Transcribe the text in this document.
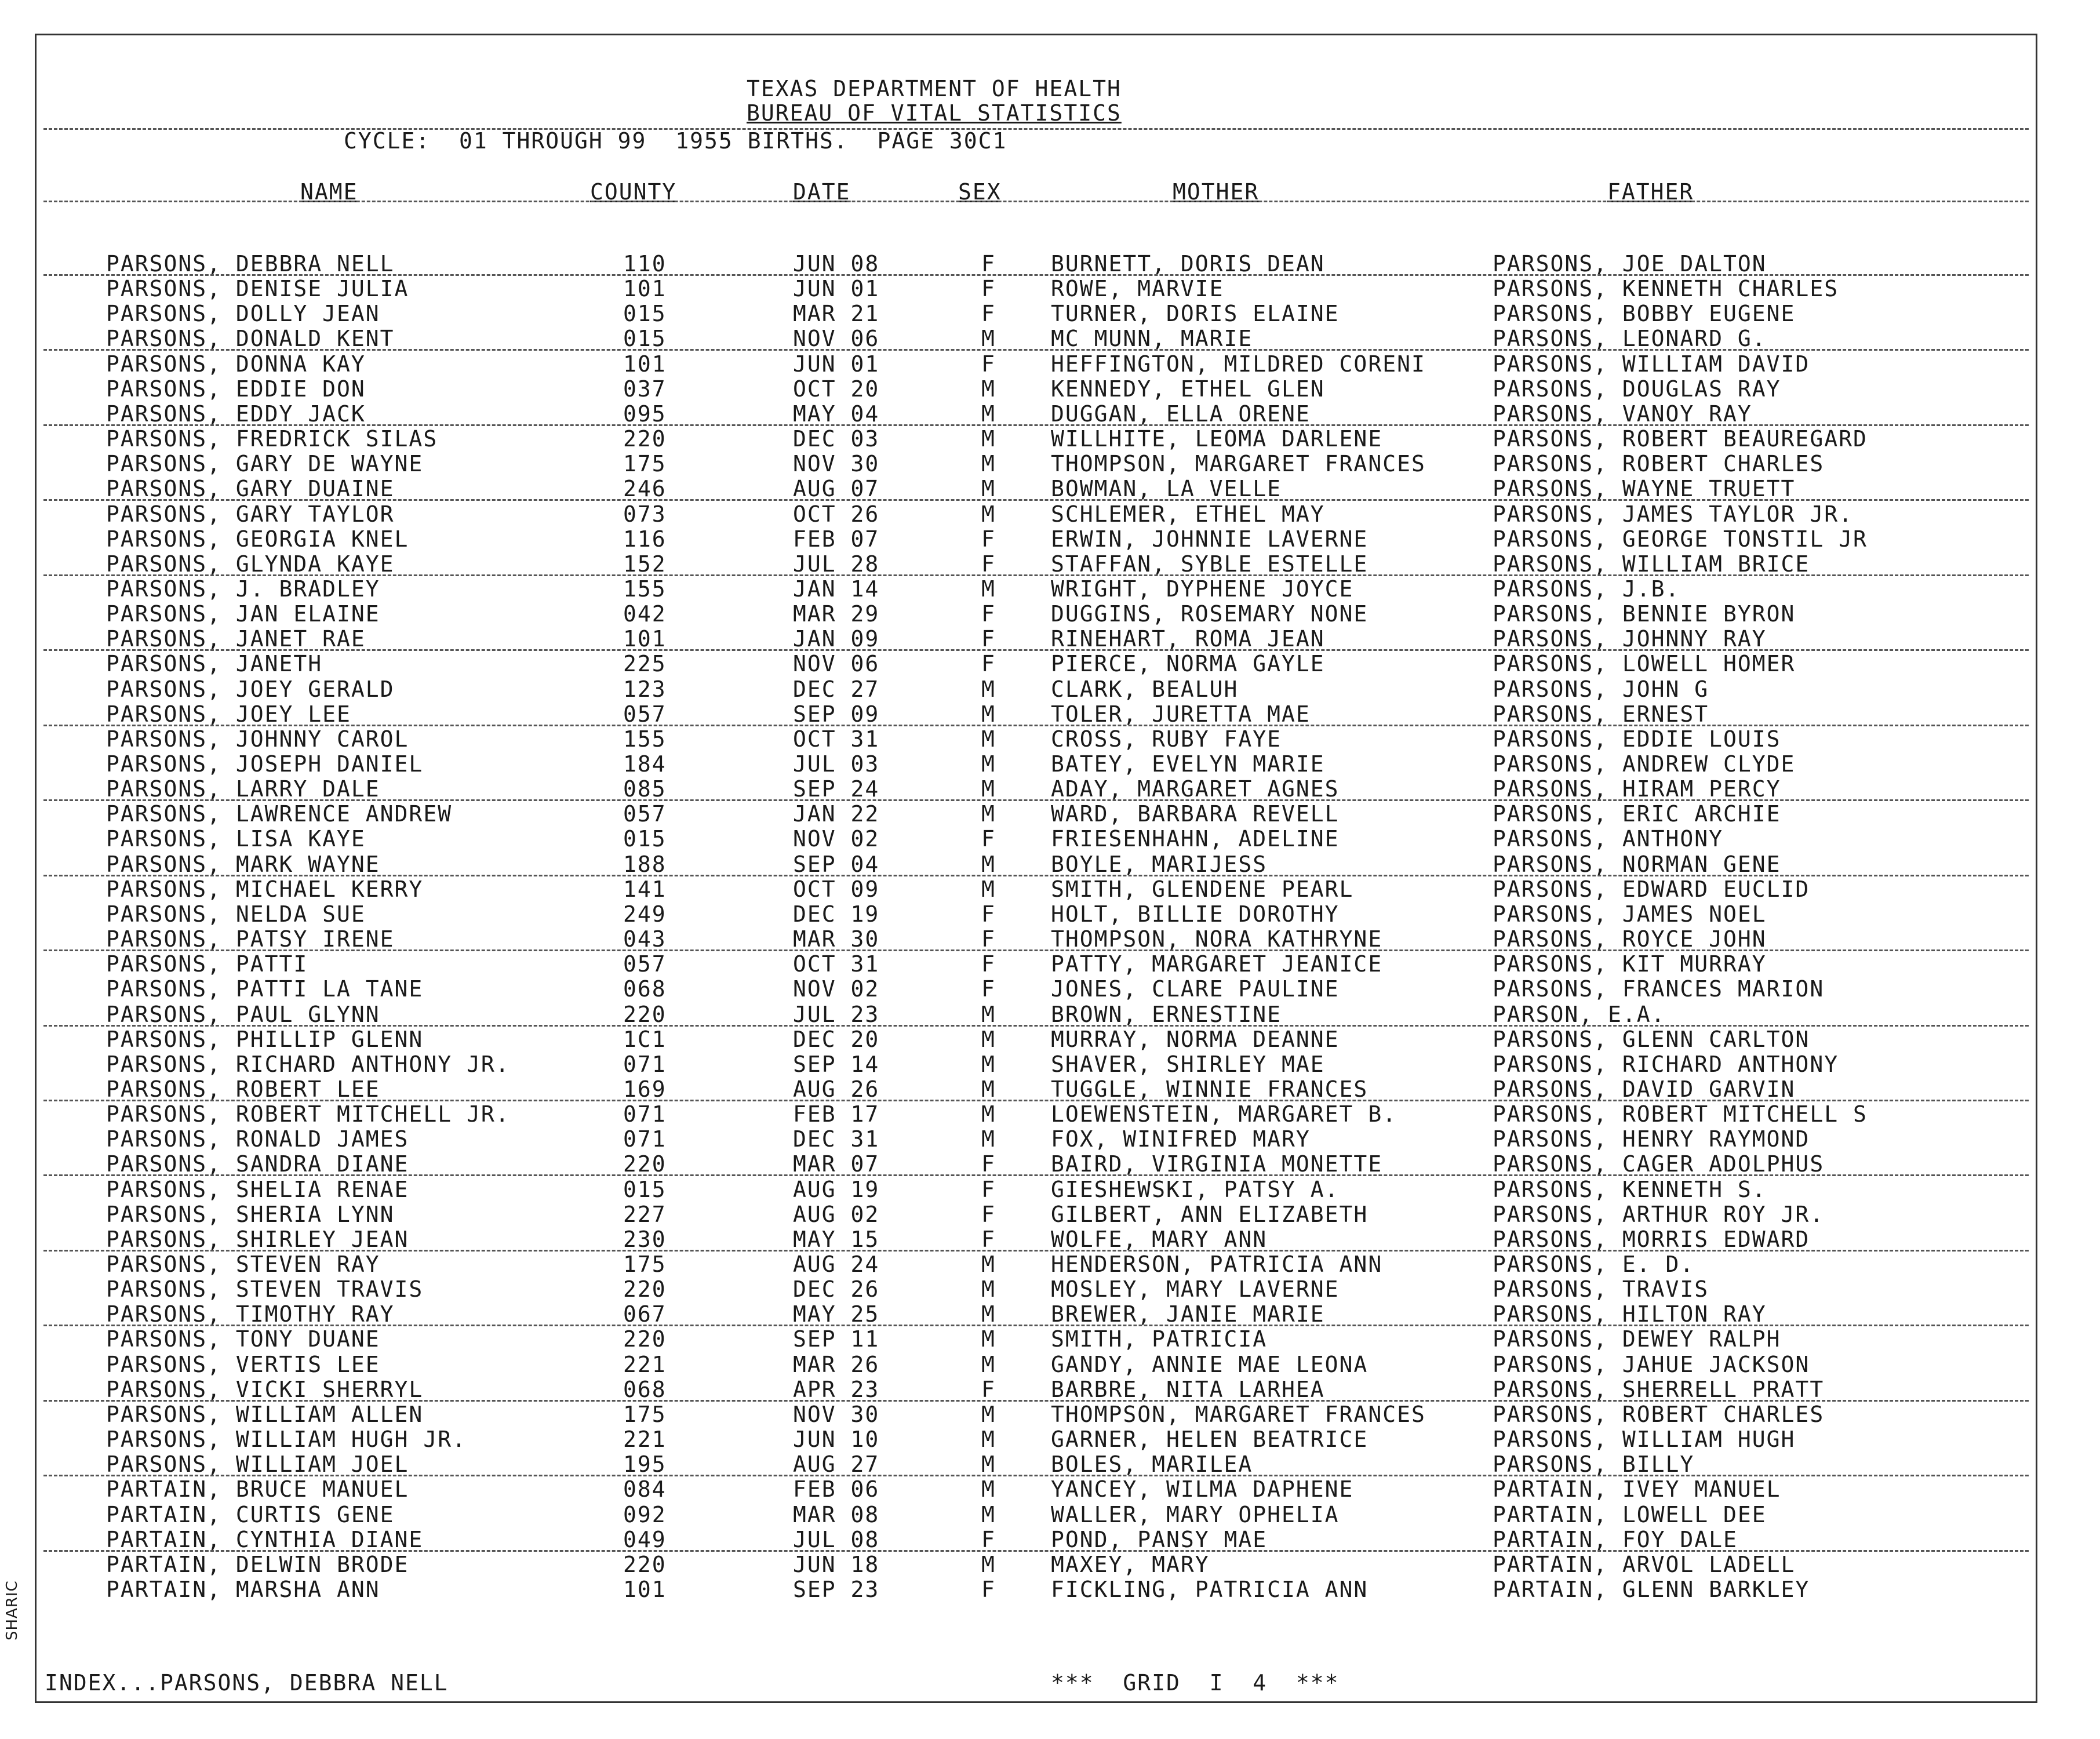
TEXAS DEPARTMENT OF HEALTH
BUREAU OF VITAL STATISTICS
CYCLE:  01 THROUGH 99  1955 BIRTHS.  PAGE 30C1
NAME	COUNTY	DATE	SEX	MOTHER	FATHER
PARSONS, DEBBRA NELL	110	JUN 08	F	BURNETT, DORIS DEAN	PARSONS, JOE DALTON
PARSONS, DENISE JULIA	101	JUN 01	F	ROWE, MARVIE	PARSONS, KENNETH CHARLES
PARSONS, DOLLY JEAN	015	MAR 21	F	TURNER, DORIS ELAINE	PARSONS, BOBBY EUGENE
PARSONS, DONALD KENT	015	NOV 06	M	MC MUNN, MARIE	PARSONS, LEONARD G.
PARSONS, DONNA KAY	101	JUN 01	F	HEFFINGTON, MILDRED CORENI	PARSONS, WILLIAM DAVID
PARSONS, EDDIE DON	037	OCT 20	M	KENNEDY, ETHEL GLEN	PARSONS, DOUGLAS RAY
PARSONS, EDDY JACK	095	MAY 04	M	DUGGAN, ELLA ORENE	PARSONS, VANOY RAY
PARSONS, FREDRICK SILAS	220	DEC 03	M	WILLHITE, LEOMA DARLENE	PARSONS, ROBERT BEAUREGARD
PARSONS, GARY DE WAYNE	175	NOV 30	M	THOMPSON, MARGARET FRANCES	PARSONS, ROBERT CHARLES
PARSONS, GARY DUAINE	246	AUG 07	M	BOWMAN, LA VELLE	PARSONS, WAYNE TRUETT
PARSONS, GARY TAYLOR	073	OCT 26	M	SCHLEMER, ETHEL MAY	PARSONS, JAMES TAYLOR JR.
PARSONS, GEORGIA KNEL	116	FEB 07	F	ERWIN, JOHNNIE LAVERNE	PARSONS, GEORGE TONSTIL JR
PARSONS, GLYNDA KAYE	152	JUL 28	F	STAFFAN, SYBLE ESTELLE	PARSONS, WILLIAM BRICE
PARSONS, J. BRADLEY	155	JAN 14	M	WRIGHT, DYPHENE JOYCE	PARSONS, J.B.
PARSONS, JAN ELAINE	042	MAR 29	F	DUGGINS, ROSEMARY NONE	PARSONS, BENNIE BYRON
PARSONS, JANET RAE	101	JAN 09	F	RINEHART, ROMA JEAN	PARSONS, JOHNNY RAY
PARSONS, JANETH	225	NOV 06	F	PIERCE, NORMA GAYLE	PARSONS, LOWELL HOMER
PARSONS, JOEY GERALD	123	DEC 27	M	CLARK, BEALUH	PARSONS, JOHN G
PARSONS, JOEY LEE	057	SEP 09	M	TOLER, JURETTA MAE	PARSONS, ERNEST
PARSONS, JOHNNY CAROL	155	OCT 31	M	CROSS, RUBY FAYE	PARSONS, EDDIE LOUIS
PARSONS, JOSEPH DANIEL	184	JUL 03	M	BATEY, EVELYN MARIE	PARSONS, ANDREW CLYDE
PARSONS, LARRY DALE	085	SEP 24	M	ADAY, MARGARET AGNES	PARSONS, HIRAM PERCY
PARSONS, LAWRENCE ANDREW	057	JAN 22	M	WARD, BARBARA REVELL	PARSONS, ERIC ARCHIE
PARSONS, LISA KAYE	015	NOV 02	F	FRIESENHAHN, ADELINE	PARSONS, ANTHONY
PARSONS, MARK WAYNE	188	SEP 04	M	BOYLE, MARIJESS	PARSONS, NORMAN GENE
PARSONS, MICHAEL KERRY	141	OCT 09	M	SMITH, GLENDENE PEARL	PARSONS, EDWARD EUCLID
PARSONS, NELDA SUE	249	DEC 19	F	HOLT, BILLIE DOROTHY	PARSONS, JAMES NOEL
PARSONS, PATSY IRENE	043	MAR 30	F	THOMPSON, NORA KATHRYNE	PARSONS, ROYCE JOHN
PARSONS, PATTI	057	OCT 31	F	PATTY, MARGARET JEANICE	PARSONS, KIT MURRAY
PARSONS, PATTI LA TANE	068	NOV 02	F	JONES, CLARE PAULINE	PARSONS, FRANCES MARION
PARSONS, PAUL GLYNN	220	JUL 23	M	BROWN, ERNESTINE	PARSON, E.A.
PARSONS, PHILLIP GLENN	1C1	DEC 20	M	MURRAY, NORMA DEANNE	PARSONS, GLENN CARLTON
PARSONS, RICHARD ANTHONY JR.	071	SEP 14	M	SHAVER, SHIRLEY MAE	PARSONS, RICHARD ANTHONY
PARSONS, ROBERT LEE	169	AUG 26	M	TUGGLE, WINNIE FRANCES	PARSONS, DAVID GARVIN
PARSONS, ROBERT MITCHELL JR.	071	FEB 17	M	LOEWENSTEIN, MARGARET B.	PARSONS, ROBERT MITCHELL S
PARSONS, RONALD JAMES	071	DEC 31	M	FOX, WINIFRED MARY	PARSONS, HENRY RAYMOND
PARSONS, SANDRA DIANE	220	MAR 07	F	BAIRD, VIRGINIA MONETTE	PARSONS, CAGER ADOLPHUS
PARSONS, SHELIA RENAE	015	AUG 19	F	GIESHEWSKI, PATSY A.	PARSONS, KENNETH S.
PARSONS, SHERIA LYNN	227	AUG 02	F	GILBERT, ANN ELIZABETH	PARSONS, ARTHUR ROY JR.
PARSONS, SHIRLEY JEAN	230	MAY 15	F	WOLFE, MARY ANN	PARSONS, MORRIS EDWARD
PARSONS, STEVEN RAY	175	AUG 24	M	HENDERSON, PATRICIA ANN	PARSONS, E. D.
PARSONS, STEVEN TRAVIS	220	DEC 26	M	MOSLEY, MARY LAVERNE	PARSONS, TRAVIS
PARSONS, TIMOTHY RAY	067	MAY 25	M	BREWER, JANIE MARIE	PARSONS, HILTON RAY
PARSONS, TONY DUANE	220	SEP 11	M	SMITH, PATRICIA	PARSONS, DEWEY RALPH
PARSONS, VERTIS LEE	221	MAR 26	M	GANDY, ANNIE MAE LEONA	PARSONS, JAHUE JACKSON
PARSONS, VICKI SHERRYL	068	APR 23	F	BARBRE, NITA LARHEA	PARSONS, SHERRELL PRATT
PARSONS, WILLIAM ALLEN	175	NOV 30	M	THOMPSON, MARGARET FRANCES	PARSONS, ROBERT CHARLES
PARSONS, WILLIAM HUGH JR.	221	JUN 10	M	GARNER, HELEN BEATRICE	PARSONS, WILLIAM HUGH
PARSONS, WILLIAM JOEL	195	AUG 27	M	BOLES, MARILEA	PARSONS, BILLY
PARTAIN, BRUCE MANUEL	084	FEB 06	M	YANCEY, WILMA DAPHENE	PARTAIN, IVEY MANUEL
PARTAIN, CURTIS GENE	092	MAR 08	M	WALLER, MARY OPHELIA	PARTAIN, LOWELL DEE
PARTAIN, CYNTHIA DIANE	049	JUL 08	F	POND, PANSY MAE	PARTAIN, FOY DALE
PARTAIN, DELWIN BRODE	220	JUN 18	M	MAXEY, MARY	PARTAIN, ARVOL LADELL
PARTAIN, MARSHA ANN	101	SEP 23	F	FICKLING, PATRICIA ANN	PARTAIN, GLENN BARKLEY
INDEX...PARSONS, DEBBRA NELL	***  GRID  I  4  ***
SHARIC
